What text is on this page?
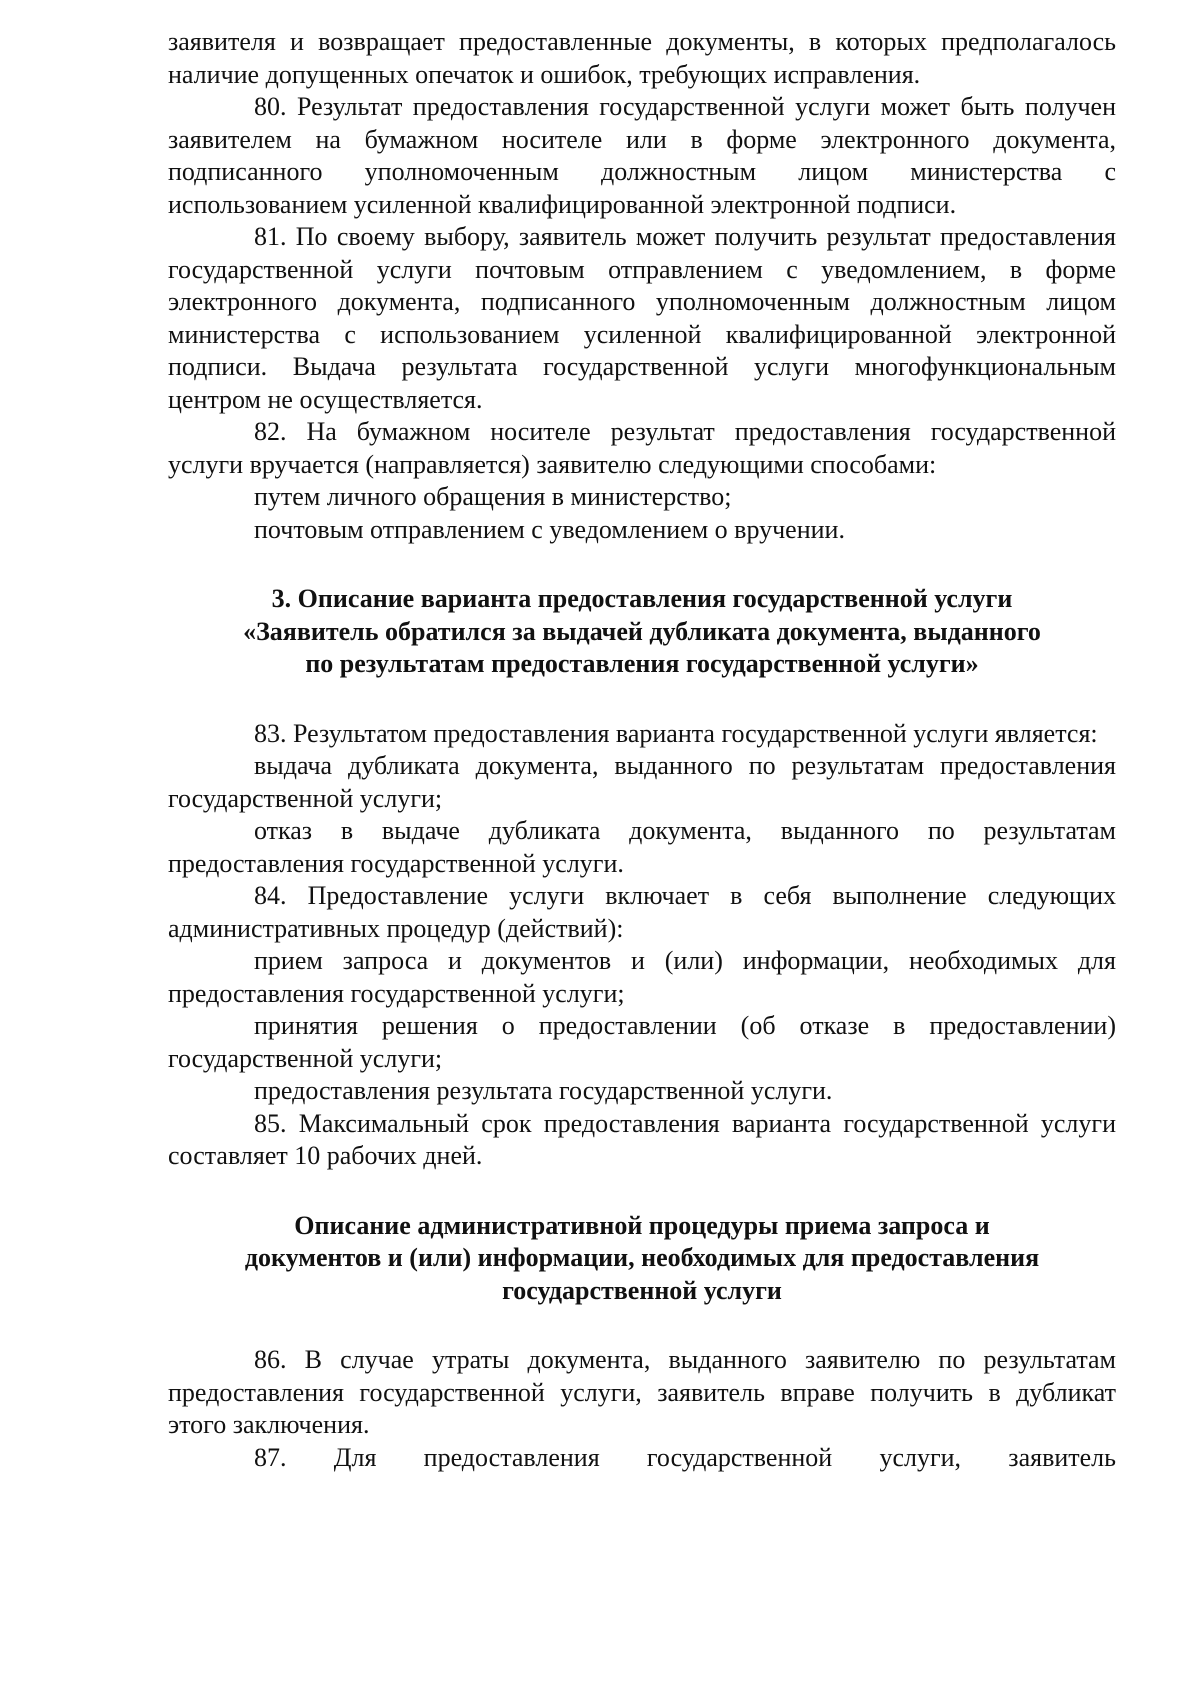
заявителя и возвращает предоставленные документы, в которых предполагалось наличие допущенных опечаток и ошибок, требующих исправления.

80. Результат предоставления государственной услуги может быть получен заявителем на бумажном носителе или в форме электронного документа, подписанного уполномоченным должностным лицом министерства с использованием усиленной квалифицированной электронной подписи.

81. По своему выбору, заявитель может получить результат предоставления государственной услуги почтовым отправлением с уведомлением, в форме электронного документа, подписанного уполномоченным должностным лицом министерства с использованием усиленной квалифицированной электронной подписи. Выдача результата государственной услуги многофункциональным центром не осуществляется.

82. На бумажном носителе результат предоставления государственной услуги вручается (направляется) заявителю следующими способами:

путем личного обращения в министерство;

почтовым отправлением с уведомлением о вручении.

3. Описание варианта предоставления государственной услуги
«Заявитель обратился за выдачей дубликата документа, выданного
по результатам предоставления государственной услуги»

83. Результатом предоставления варианта государственной услуги является:

выдача дубликата документа, выданного по результатам предоставления государственной услуги;

отказ в выдаче дубликата документа, выданного по результатам предоставления государственной услуги.

84. Предоставление услуги включает в себя выполнение следующих административных процедур (действий):

прием запроса и документов и (или) информации, необходимых для предоставления государственной услуги;

принятия решения о предоставлении (об отказе в предоставлении) государственной услуги;

предоставления результата государственной услуги.

85. Максимальный срок предоставления варианта государственной услуги составляет 10 рабочих дней.

Описание административной процедуры приема запроса и
документов и (или) информации, необходимых для предоставления
государственной услуги

86. В случае утраты документа, выданного заявителю по результатам предоставления государственной услуги, заявитель вправе получить в дубликат этого заключения.

87. Для предоставления государственной услуги, заявитель
